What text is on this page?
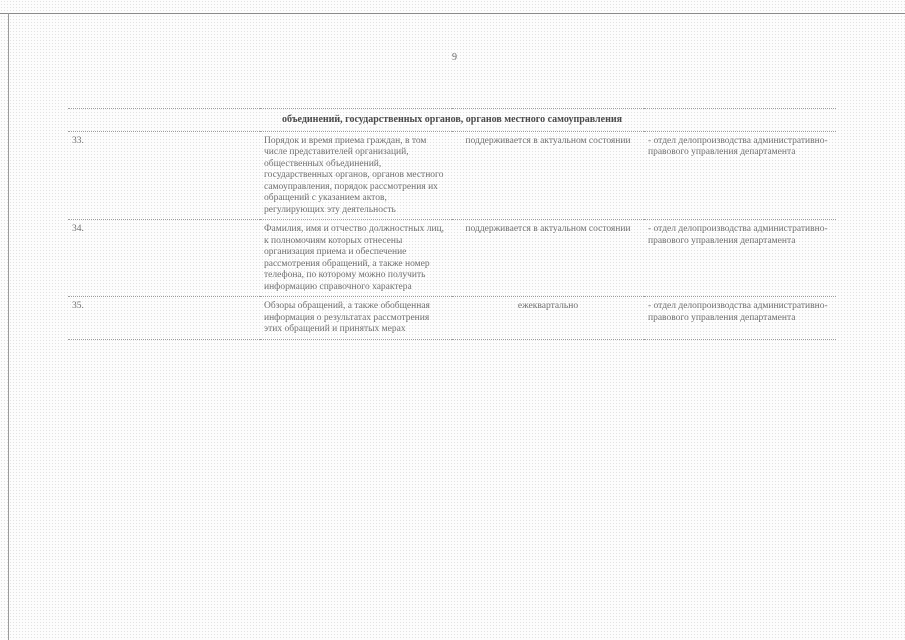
9
объединений, государственных органов, органов местного самоуправления			
33.	Порядок и время приема граждан, в том числе представителей организаций, общественных объединений, государственных органов, органов местного самоуправления, порядок рассмотрения их обращений с указанием актов, регулирующих эту деятельность	поддерживается в актуальном состоянии	- отдел делопроизводства административно-правового управления департамента
34.	Фамилия, имя и отчество должностных лиц, к полномочиям которых отнесены организация приема и обеспечение рассмотрения обращений, а также номер телефона, по которому можно получить информацию справочного характера	поддерживается в актуальном состоянии	- отдел делопроизводства административно-правового управления департамента
35.	Обзоры обращений, а также обобщенная информация о результатах рассмотрения этих обращений и принятых мерах	ежеквартально	- отдел делопроизводства административно-правового управления департамента
